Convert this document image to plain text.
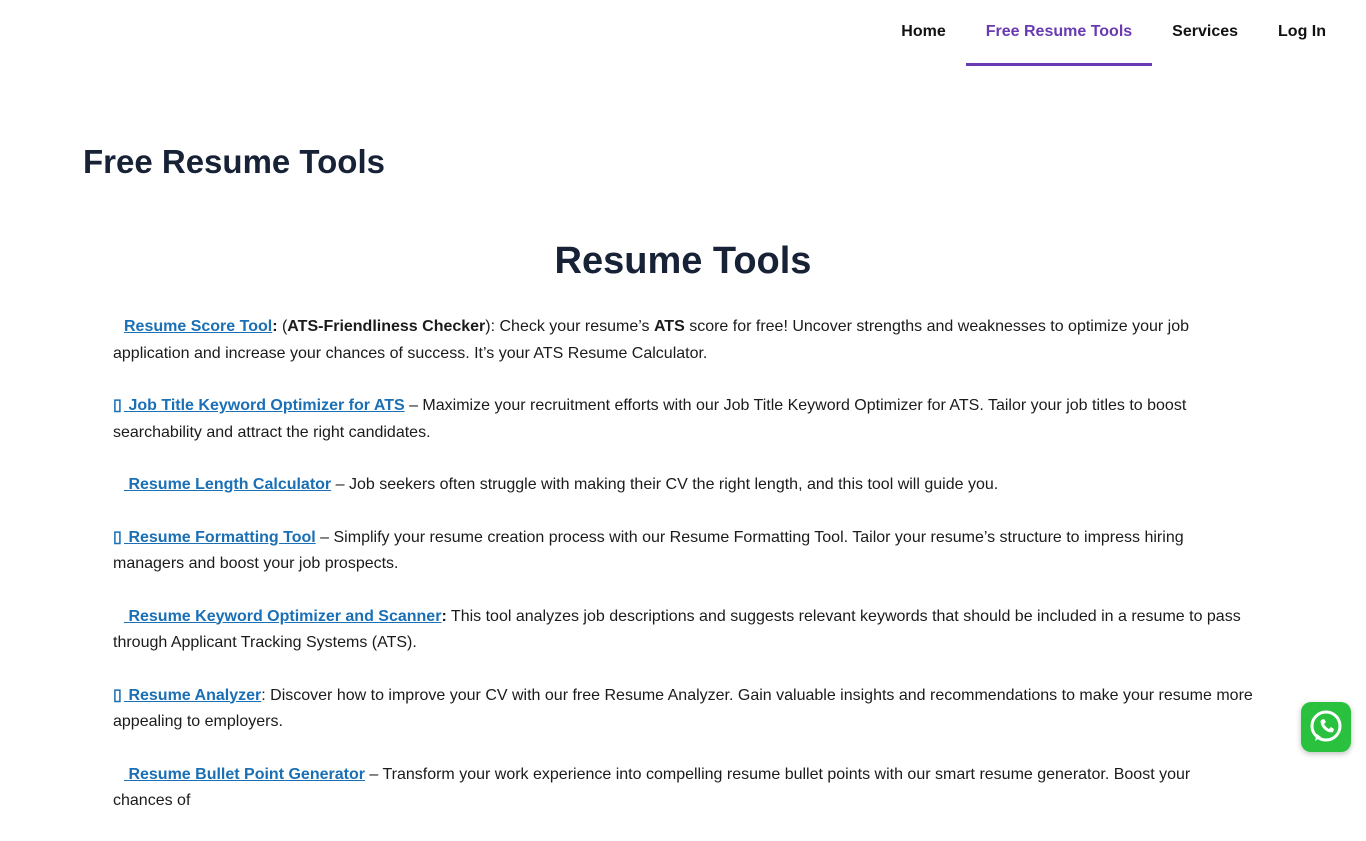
Home	Free Resume Tools	Services	Log In
Free Resume Tools
Resume Tools

Resume Score Tool: (ATS-Friendliness Checker): Check your resume’s ATS score for free! Uncover strengths and weaknesses to optimize your job application and increase your chances of success. It’s your ATS Resume Calculator.

▯ Job Title Keyword Optimizer for ATS – Maximize your recruitment efforts with our Job Title Keyword Optimizer for ATS. Tailor your job titles to boost searchability and attract the right candidates.

Resume Length Calculator – Job seekers often struggle with making their CV the right length, and this tool will guide you.

▯ Resume Formatting Tool – Simplify your resume creation process with our Resume Formatting Tool. Tailor your resume’s structure to impress hiring managers and boost your job prospects.

Resume Keyword Optimizer and Scanner: This tool analyzes job descriptions and suggests relevant keywords that should be included in a resume to pass through Applicant Tracking Systems (ATS).

▯ Resume Analyzer: Discover how to improve your CV with our free Resume Analyzer. Gain valuable insights and recommendations to make your resume more appealing to employers.

Resume Bullet Point Generator – Transform your work experience into compelling resume bullet points with our smart resume generator. Boost your chances of
